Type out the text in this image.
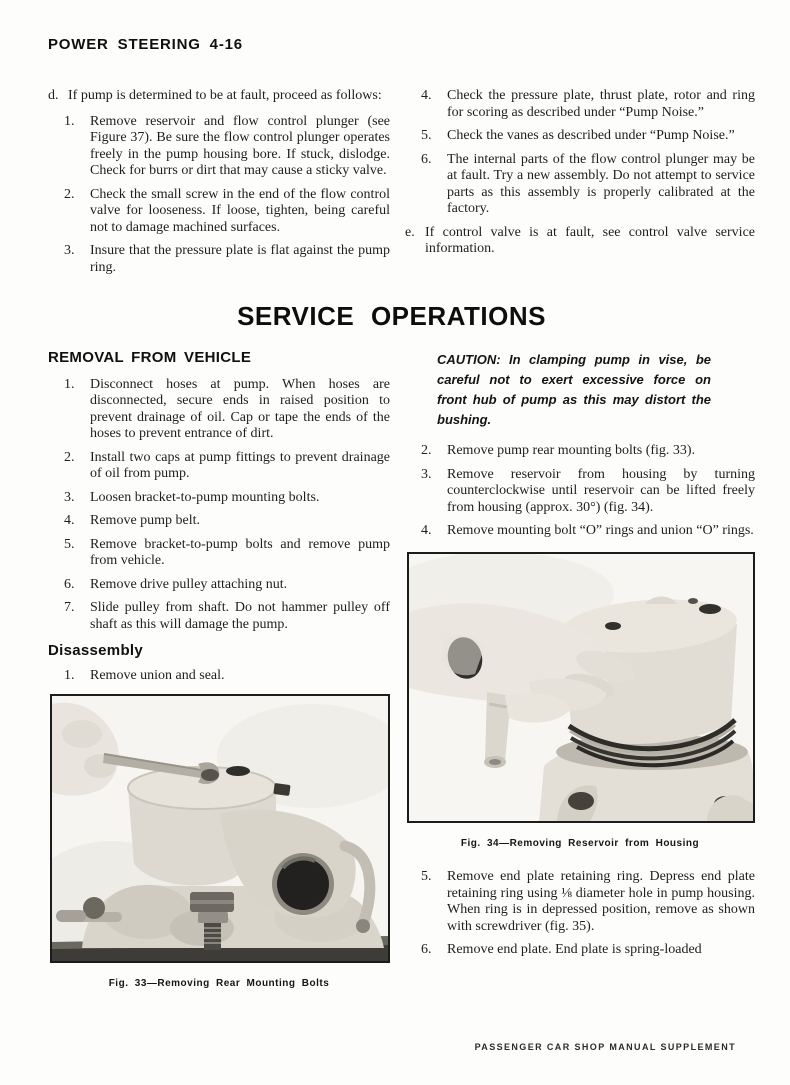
POWER STEERING 4-16
d. If pump is determined to be at fault, proceed as follows:
1.	Remove reservoir and flow control plunger (see Figure 37). Be sure the flow control plunger operates freely in the pump housing bore. If stuck, dislodge. Check for burrs or dirt that may cause a sticky valve.
2.	Check the small screw in the end of the flow control valve for looseness. If loose, tighten, being careful not to damage machined surfaces.
3.	Insure that the pressure plate is flat against the pump ring.
4.	Check the pressure plate, thrust plate, rotor and ring for scoring as described under “Pump Noise.”
5.	Check the vanes as described under “Pump Noise.”
6.	The internal parts of the flow control plunger may be at fault. Try a new assembly. Do not attempt to service parts as this assembly is properly calibrated at the factory.
e. If control valve is at fault, see control valve service information.
SERVICE OPERATIONS
REMOVAL FROM VEHICLE
1.	Disconnect hoses at pump. When hoses are disconnected, secure ends in raised position to prevent drainage of oil. Cap or tape the ends of the hoses to prevent entrance of dirt.
2.	Install two caps at pump fittings to prevent drainage of oil from pump.
3.	Loosen bracket-to-pump mounting bolts.
4.	Remove pump belt.
5.	Remove bracket-to-pump bolts and remove pump from vehicle.
6.	Remove drive pulley attaching nut.
7.	Slide pulley from shaft. Do not hammer pulley off shaft as this will damage the pump.
Disassembly
1.	Remove union and seal.
Fig. 33—Removing Rear Mounting Bolts
CAUTION: In clamping pump in vise, be careful not to exert excessive force on front hub of pump as this may distort the bushing.
2.	Remove pump rear mounting bolts (fig. 33).
3.	Remove reservoir from housing by turning counterclockwise until reservoir can be lifted freely from housing (approx. 30°) (fig. 34).
4.	Remove mounting bolt “O” rings and union “O” rings.
Fig. 34—Removing Reservoir from Housing
5.	Remove end plate retaining ring. Depress end plate retaining ring using ⅛ diameter hole in pump housing. When ring is in depressed position, remove as shown with screwdriver (fig. 35).
6.	Remove end plate. End plate is spring-loaded
PASSENGER CAR SHOP MANUAL SUPPLEMENT
